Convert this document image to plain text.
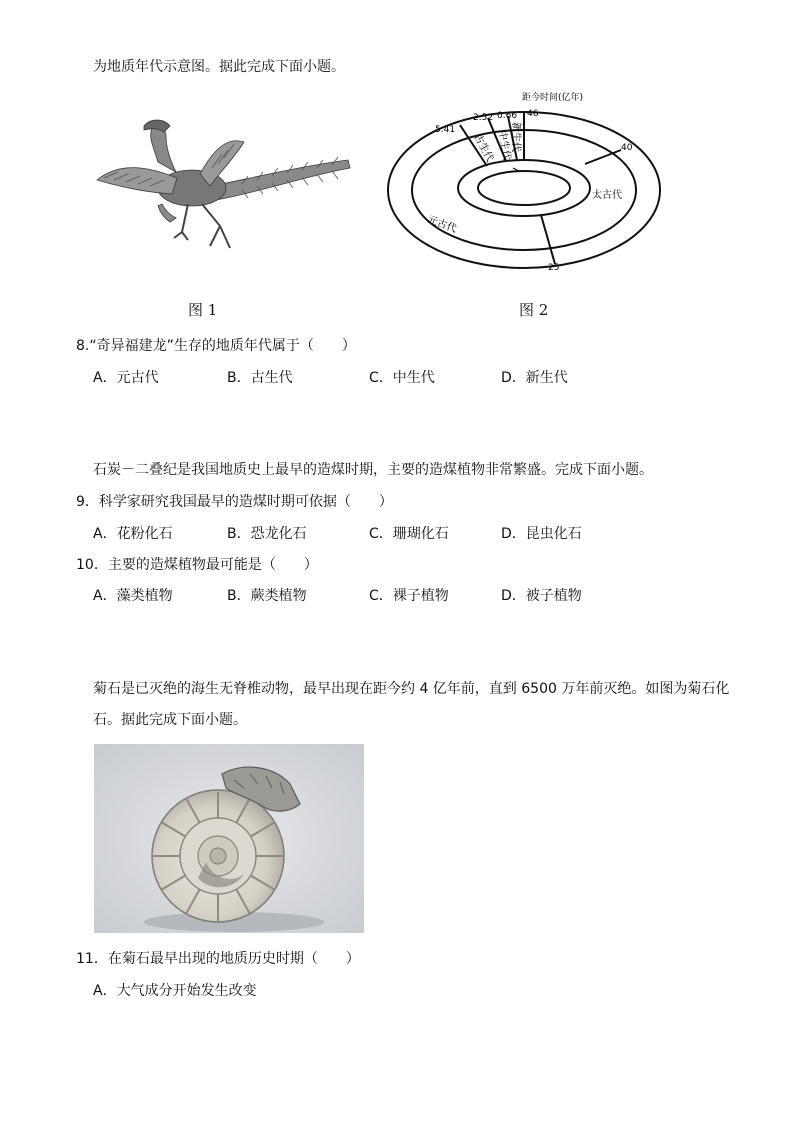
为地质年代示意图。据此完成下面小题。
距今时间(亿年)
5.41
2.52 0.66 46
40
25
古生代 中生代
新生代
太古代
元古代
图 1	图 2
8.“奇异福建龙”生存的地质年代属于（　　）
A．元古代	B．古生代	C．中生代	D．新生代
石炭－二叠纪是我国地质史上最早的造煤时期，主要的造煤植物非常繁盛。完成下面小题。
9．科学家研究我国最早的造煤时期可依据（　　）
A．花粉化石	B．恐龙化石	C．珊瑚化石	D．昆虫化石
10．主要的造煤植物最可能是（　　）
A．藻类植物	B．蕨类植物	C．裸子植物	D．被子植物
菊石是已灭绝的海生无脊椎动物，最早出现在距今约 4 亿年前，直到 6500 万年前灭绝。如图为菊石化
石。据此完成下面小题。
11．在菊石最早出现的地质历史时期（　　）
A．大气成分开始发生改变
